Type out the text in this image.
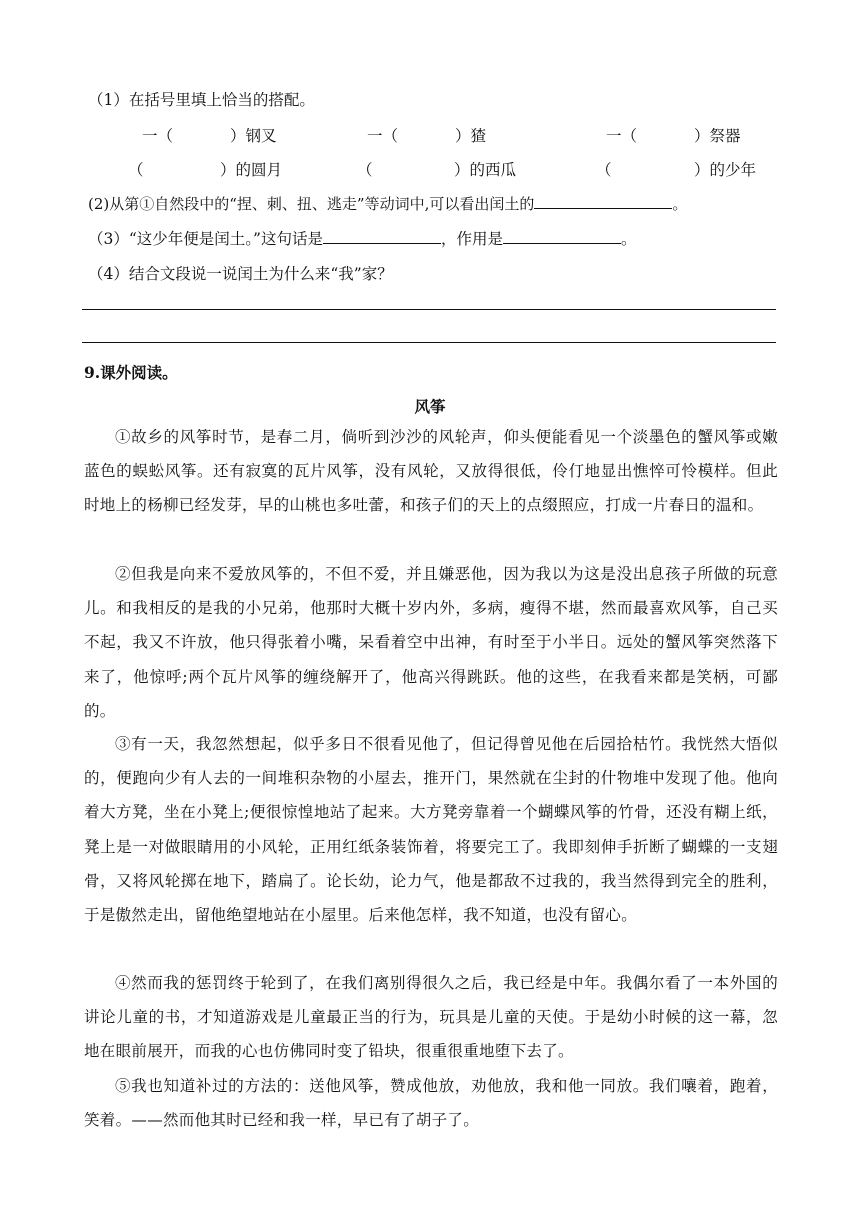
（1）在括号里填上恰当的搭配。
一（	）钢叉	一（	）猹	一（	）祭器
（	）的圆月	（	）的西瓜	（	）的少年
(2)从第①自然段中的“捏、刺、扭、逃走”等动词中,可以看出闰土的	。
（3）“这少年便是闰土。”这句话是	，作用是	。
（4）结合文段说一说闰土为什么来“我”家？
9.课外阅读。
风筝
①故乡的风筝时节，是春二月，倘听到沙沙的风轮声，仰头便能看见一个淡墨色的蟹风筝或嫩蓝色的蜈蚣风筝。还有寂寞的瓦片风筝，没有风轮，又放得很低，伶仃地显出憔悴可怜模样。但此时地上的杨柳已经发芽，早的山桃也多吐蕾，和孩子们的天上的点缀照应，打成一片春日的温和。
②但我是向来不爱放风筝的，不但不爱，并且嫌恶他，因为我以为这是没出息孩子所做的玩意儿。和我相反的是我的小兄弟，他那时大概十岁内外，多病，瘦得不堪，然而最喜欢风筝，自己买不起，我又不许放，他只得张着小嘴，呆看着空中出神，有时至于小半日。远处的蟹风筝突然落下来了，他惊呼;两个瓦片风筝的缠绕解开了，他高兴得跳跃。他的这些，在我看来都是笑柄，可鄙的。
③有一天，我忽然想起，似乎多日不很看见他了，但记得曾见他在后园拾枯竹。我恍然大悟似的，便跑向少有人去的一间堆积杂物的小屋去，推开门，果然就在尘封的什物堆中发现了他。他向着大方凳，坐在小凳上;便很惊惶地站了起来。大方凳旁靠着一个蝴蝶风筝的竹骨，还没有糊上纸，凳上是一对做眼睛用的小风轮，正用红纸条装饰着，将要完工了。我即刻伸手折断了蝴蝶的一支翅骨，又将风轮掷在地下，踏扁了。论长幼，论力气，他是都敌不过我的，我当然得到完全的胜利，于是傲然走出，留他绝望地站在小屋里。后来他怎样，我不知道，也没有留心。
④然而我的惩罚终于轮到了，在我们离别得很久之后，我已经是中年。我偶尔看了一本外国的讲论儿童的书，才知道游戏是儿童最正当的行为，玩具是儿童的天使。于是幼小时候的这一幕，忽地在眼前展开，而我的心也仿佛同时变了铅块，很重很重地堕下去了。
⑤我也知道补过的方法的：送他风筝，赞成他放，劝他放，我和他一同放。我们嚷着，跑着，笑着。——然而他其时已经和我一样，早已有了胡子了。
